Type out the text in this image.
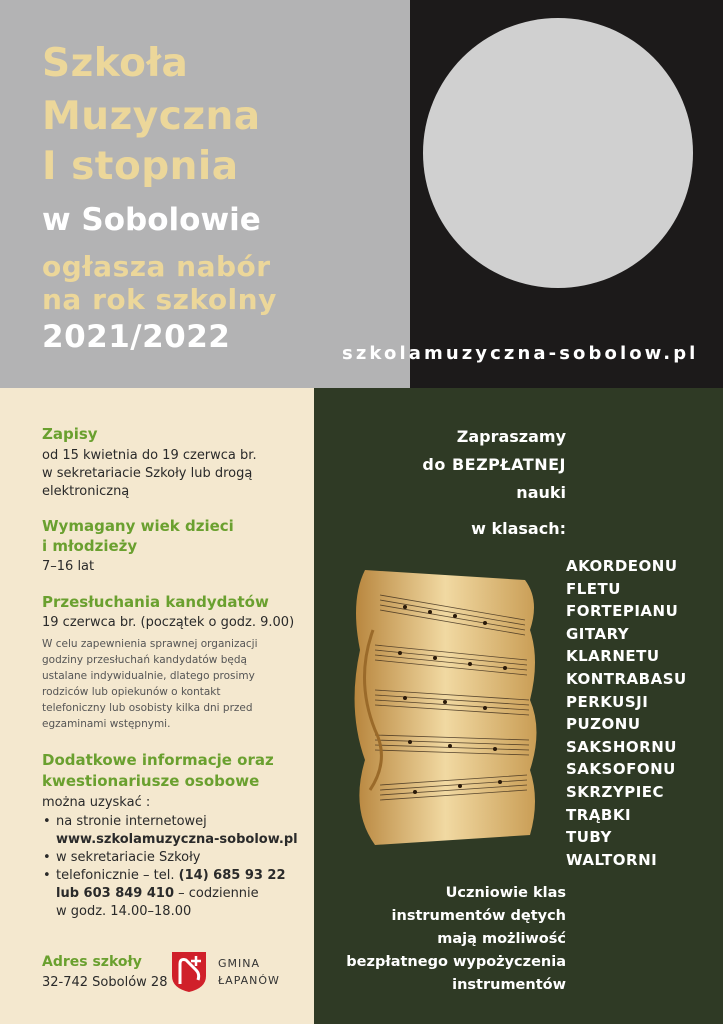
Szkoła
Muzyczna
I stopnia
w Sobolowie
ogłasza nabór
na rok szkolny
2021/2022	szkolamuzyczna-sobolow.pl
Zapisy
od 15 kwietnia do 19 czerwca br.
w sekretariacie Szkoły lub drogą
elektroniczną
Wymagany wiek dzieci
i młodzieży
7–16 lat
Przesłuchania kandydatów
19 czerwca br. (początek o godz. 9.00)
W celu zapewnienia sprawnej organizacji
godziny przesłuchań kandydatów będą
ustalane indywidualnie, dlatego prosimy
rodziców lub opiekunów o kontakt
telefoniczny lub osobisty kilka dni przed
egzaminami wstępnymi.
Dodatkowe informacje oraz
kwestionariusze osobowe
można uzyskać :
• na stronie internetowej
www.szkolamuzyczna-sobolow.pl
• w sekretariacie Szkoły
• telefonicznie – tel. (14) 685 93 22
lub 603 849 410 – codziennie
w godz. 14.00–18.00
Adres szkoły
32-742 Sobolów 28
GMINA
ŁAPANÓW
Zapraszamy
do BEZPŁATNEJ
nauki
w klasach:
AKORDEONU
FLETU
FORTEPIANU
GITARY
KLARNETU
KONTRABASU
PERKUSJI
PUZONU
SAKSHORNU
SAKSOFONU
SKRZYPIEC
TRĄBKI
TUBY
WALTORNI
Uczniowie klas
instrumentów dętych
mają możliwość
bezpłatnego wypożyczenia
instrumentów
